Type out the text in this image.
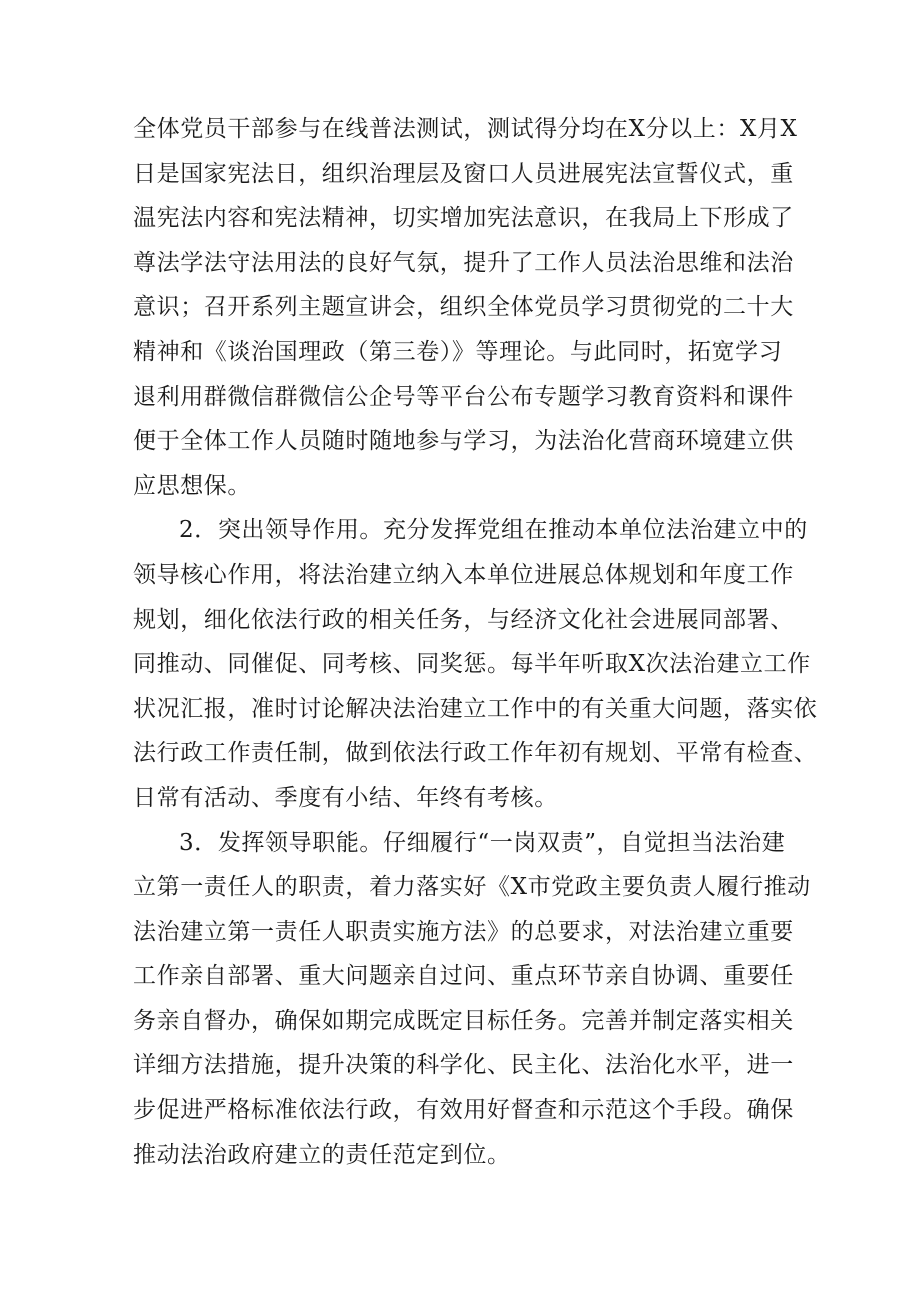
全体党员干部参与在线普法测试，测试得分均在X分以上：X月X
日是国家宪法日，组织治理层及窗口人员进展宪法宣誓仪式，重
温宪法内容和宪法精神，切实增加宪法意识，在我局上下形成了
尊法学法守法用法的良好气氛，提升了工作人员法治思维和法治
意识；召开系列主题宣讲会，组织全体党员学习贯彻党的二十大
精神和《谈治国理政（第三卷）》等理论。与此同时，拓宽学习
退利用群微信群微信公企号等平台公布专题学习教育资料和课件
便于全体工作人员随时随地参与学习，为法治化营商环境建立供
应思想保。

2．突出领导作用。充分发挥党组在推动本单位法治建立中的
领导核心作用，将法治建立纳入本单位进展总体规划和年度工作
规划，细化依法行政的相关任务，与经济文化社会进展同部署、
同推动、同催促、同考核、同奖惩。每半年听取X次法治建立工作
状况汇报，准时讨论解决法治建立工作中的有关重大问题，落实依
法行政工作责任制，做到依法行政工作年初有规划、平常有检查、
日常有活动、季度有小结、年终有考核。

3．发挥领导职能。仔细履行“一岗双责”，自觉担当法治建
立第一责任人的职责，着力落实好《X市党政主要负责人履行推动
法治建立第一责任人职责实施方法》的总要求，对法治建立重要
工作亲自部署、重大问题亲自过问、重点环节亲自协调、重要任
务亲自督办，确保如期完成既定目标任务。完善并制定落实相关
详细方法措施，提升决策的科学化、民主化、法治化水平，进一
步促进严格标准依法行政，有效用好督查和示范这个手段。确保
推动法治政府建立的责任范定到位。
